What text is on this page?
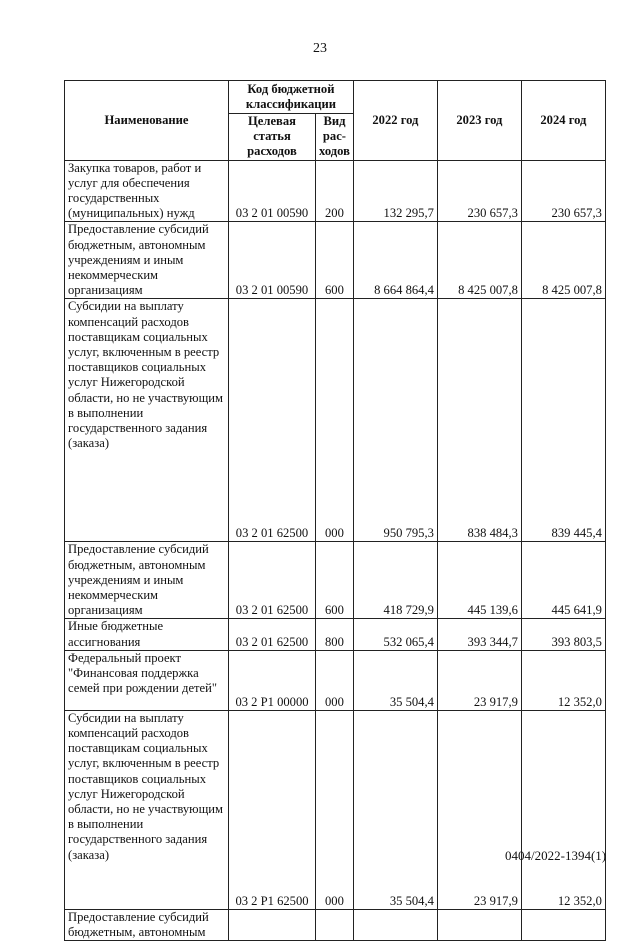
23
Наименование	Код бюджетной классификации		2022 год	2023 год	2024 год
	Целевая статья расходов	Вид рас-ходов			
Закупка товаров, работ и услуг для обеспечения государственных (муниципальных) нужд	03 2 01 00590	200	132 295,7	230 657,3	230 657,3
Предоставление субсидий бюджетным, автономным учреждениям и иным некоммерческим организациям	03 2 01 00590	600	8 664 864,4	8 425 007,8	8 425 007,8
Субсидии на выплату компенсаций расходов поставщикам социальных услуг, включенным в реестр поставщиков социальных услуг Нижегородской области, но не участвующим в выполнении государственного задания (заказа)	03 2 01 62500	000	950 795,3	838 484,3	839 445,4
Предоставление субсидий бюджетным, автономным учреждениям и иным некоммерческим организациям	03 2 01 62500	600	418 729,9	445 139,6	445 641,9
Иные бюджетные ассигнования	03 2 01 62500	800	532 065,4	393 344,7	393 803,5
Федеральный проект "Финансовая поддержка семей при рождении детей"	03 2 P1 00000	000	35 504,4	23 917,9	12 352,0
Субсидии на выплату компенсаций расходов поставщикам социальных услуг, включенным в реестр поставщиков социальных услуг Нижегородской области, но не участвующим в выполнении государственного задания (заказа)	03 2 P1 62500	000	35 504,4	23 917,9	12 352,0
Предоставление субсидий бюджетным, автономным					
0404/2022-1394(1)
